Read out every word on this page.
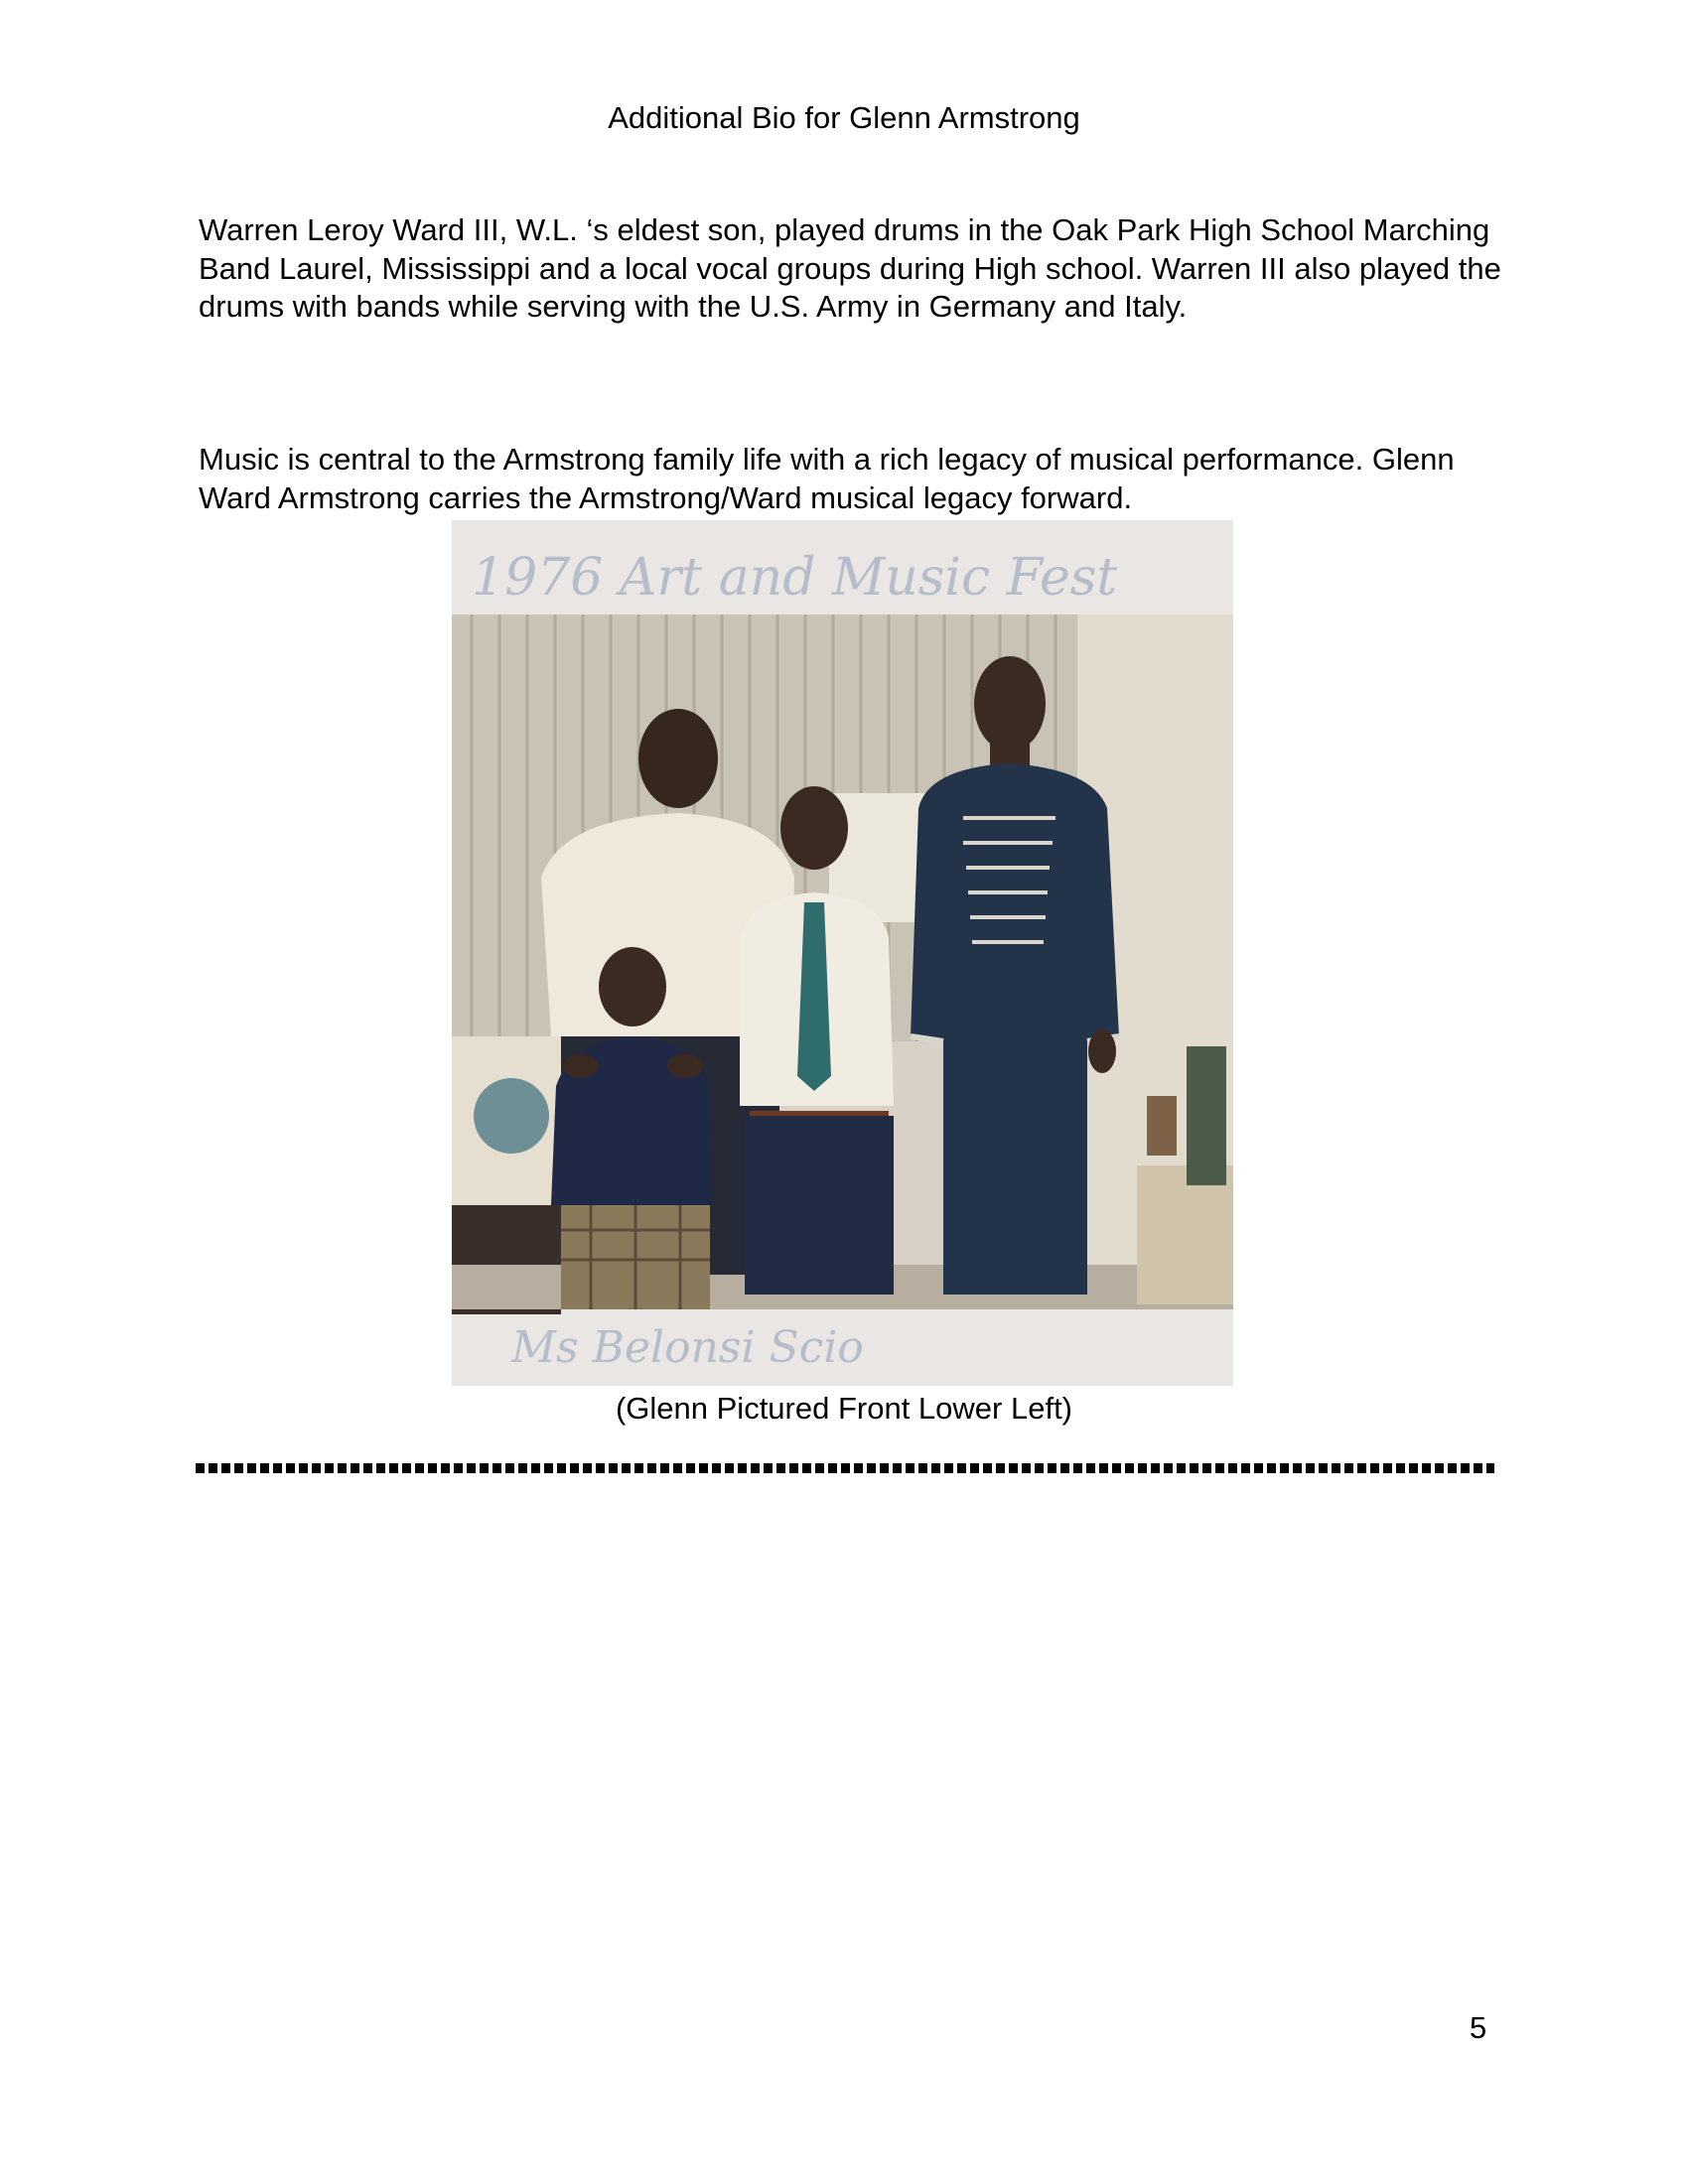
Additional Bio for Glenn Armstrong

Warren Leroy Ward III, W.L. ‘s eldest son, played drums in the Oak Park High School Marching Band Laurel, Mississippi and a local vocal groups during High school. Warren III also played the drums with bands while serving with the U.S. Army in Germany and Italy.

Music is central to the Armstrong family life with a rich legacy of musical performance. Glenn Ward Armstrong carries the Armstrong/Ward musical legacy forward.

1976 Art and Music Fest
Ms Belonsi Scio
(Glenn Pictured Front Lower Left)
5
